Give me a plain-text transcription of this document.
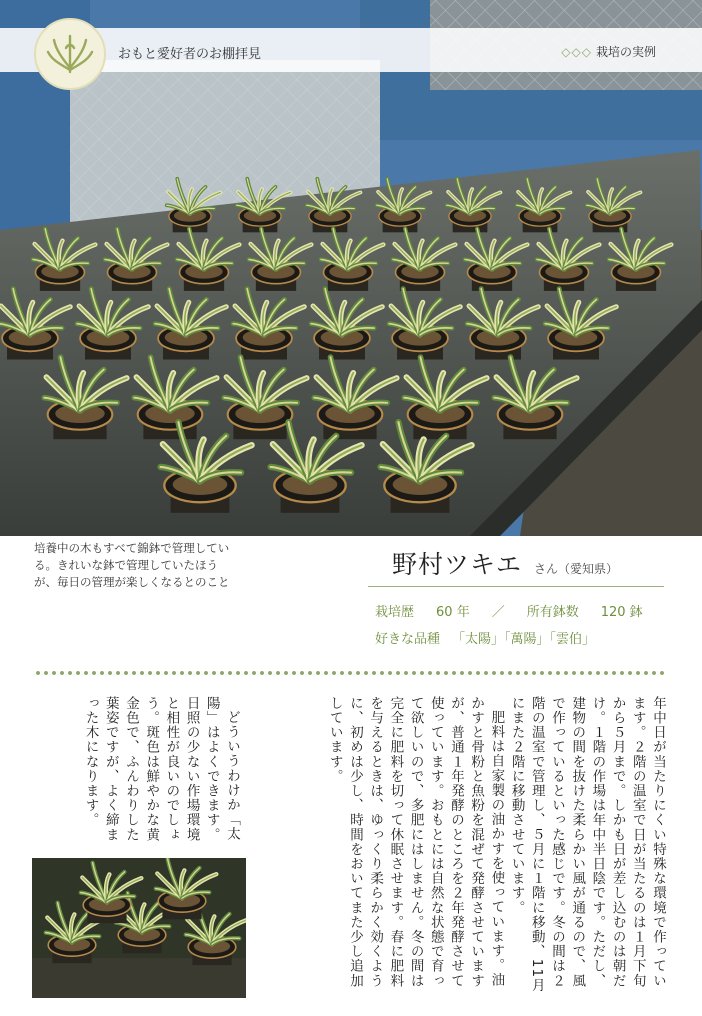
おもと愛好者のお棚拝見	◇◇◇ 栽培の実例
培養中の木もすべて錦鉢で管理している。きれいな鉢で管理していたほうが、毎日の管理が楽しくなるとのこと
野村ツキエ さん（愛知県）
栽培歴 60 年 ／ 所有鉢数 120 鉢
好きな品種 「太陽」「萬陽」「雲伯」

年中日が当たりにくい特殊な環境で作っています。２階の温室で日が当たるのは１月下旬から５月まで。しかも日が差し込むのは朝だけ。１階の作場は年中半日陰です。ただし、建物の間を抜けた柔らかい風が通るので、風で作っているといった感じです。冬の間は２階の温室で管理し、５月に１階に移動、11月にまた２階に移動させています。

肥料は自家製の油かすを使っています。油かすと骨粉と魚粉を混ぜて発酵させていますが、普通１年発酵のところを２年発酵させて使っています。おもとには自然な状態で育って欲しいので、多肥にはしません。冬の間は完全に肥料を切って休眠させます。春に肥料を与えるときは、ゆっくり柔らかく効くように、初めは少し、時間をおいてまた少し追加しています。

どういうわけか「太陽」はよくできます。日照の少ない作場環境と相性が良いのでしょう。斑色は鮮やかな黄金色で、ふんわりした葉姿ですが、よく締まった木になります。
